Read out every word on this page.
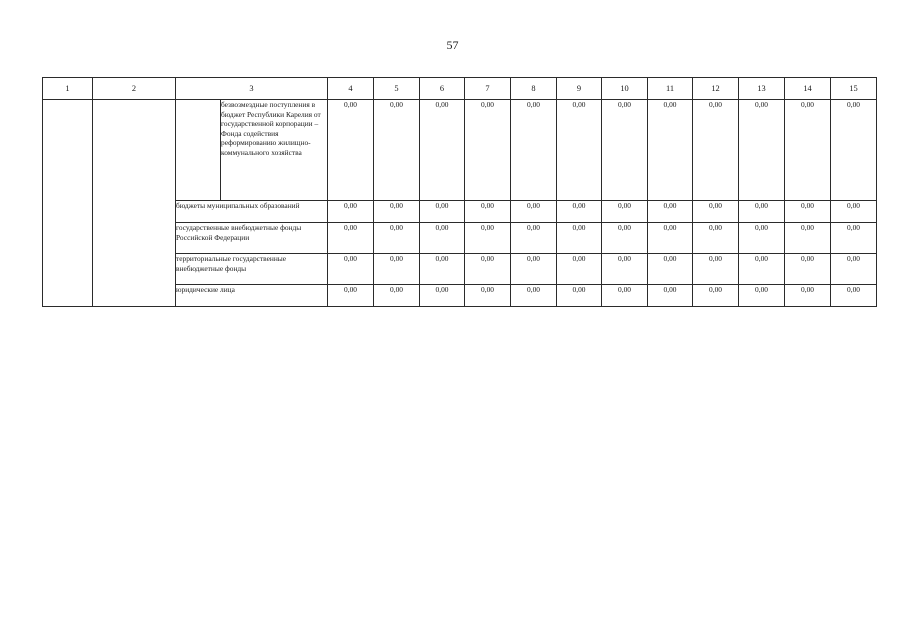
57
1	2	3		4	5	6	7	8	9	10	11	12	13	14	15
			безвозмездные поступления в бюджет Республики Карелия от государственной корпорации – Фонда содействия реформированию жилищно-коммунального хозяйства	0,00	0,00	0,00	0,00	0,00	0,00	0,00	0,00	0,00	0,00	0,00	0,00
		бюджеты муниципальных образований		0,00	0,00	0,00	0,00	0,00	0,00	0,00	0,00	0,00	0,00	0,00	0,00
		государственные внебюджетные фонды Российской Федерации		0,00	0,00	0,00	0,00	0,00	0,00	0,00	0,00	0,00	0,00	0,00	0,00
		территориальные государственные внебюджетные фонды		0,00	0,00	0,00	0,00	0,00	0,00	0,00	0,00	0,00	0,00	0,00	0,00
		юридические лица		0,00	0,00	0,00	0,00	0,00	0,00	0,00	0,00	0,00	0,00	0,00	0,00
